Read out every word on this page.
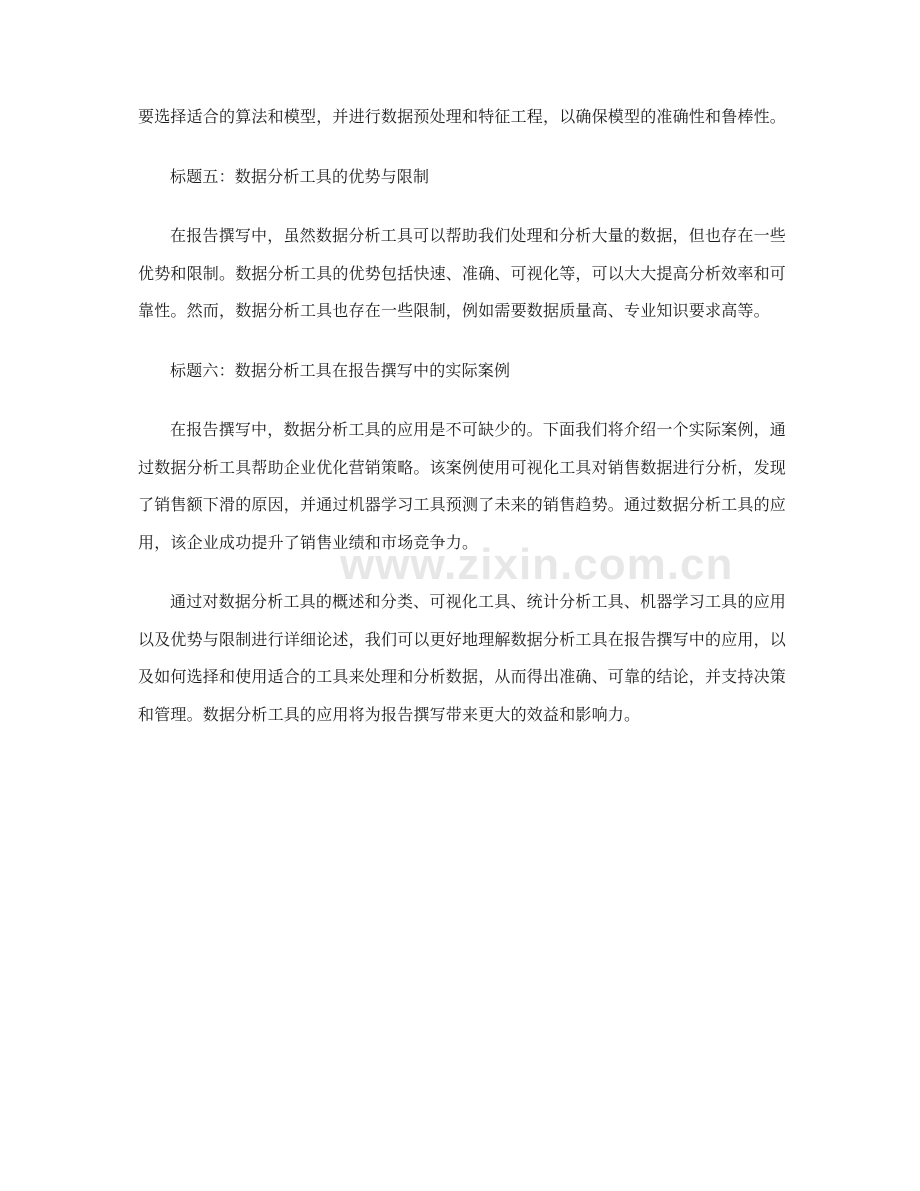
要选择适合的算法和模型，并进行数据预处理和特征工程，以确保模型的准确性和鲁棒性。

标题五：数据分析工具的优势与限制

在报告撰写中，虽然数据分析工具可以帮助我们处理和分析大量的数据，但也存在一些优势和限制。数据分析工具的优势包括快速、准确、可视化等，可以大大提高分析效率和可靠性。然而，数据分析工具也存在一些限制，例如需要数据质量高、专业知识要求高等。

标题六：数据分析工具在报告撰写中的实际案例

在报告撰写中，数据分析工具的应用是不可缺少的。下面我们将介绍一个实际案例，通过数据分析工具帮助企业优化营销策略。该案例使用可视化工具对销售数据进行分析，发现了销售额下滑的原因，并通过机器学习工具预测了未来的销售趋势。通过数据分析工具的应用，该企业成功提升了销售业绩和市场竞争力。

通过对数据分析工具的概述和分类、可视化工具、统计分析工具、机器学习工具的应用以及优势与限制进行详细论述，我们可以更好地理解数据分析工具在报告撰写中的应用，以及如何选择和使用适合的工具来处理和分析数据，从而得出准确、可靠的结论，并支持决策和管理。数据分析工具的应用将为报告撰写带来更大的效益和影响力。

www.zixin.com.cn
